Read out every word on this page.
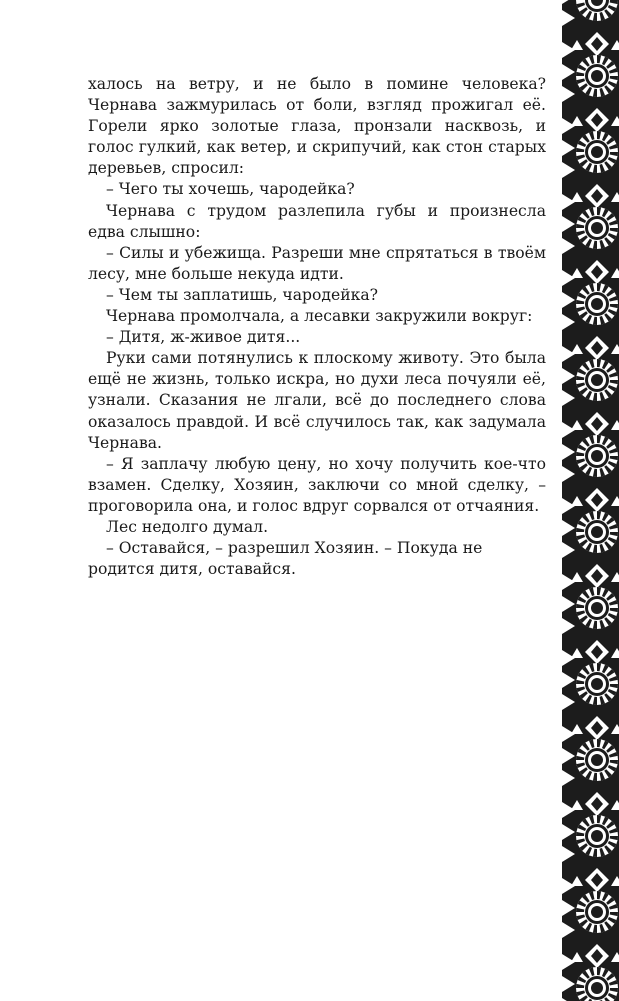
халось на ветру, и не было в помине человека? Чернава зажмурилась от боли, взгляд прожигал её. Горели ярко золотые глаза, пронзали насквозь, и голос гулкий, как ветер, и скрипучий, как стон старых деревьев, спросил:

– Чего ты хочешь, чародейка?

Чернава с трудом разлепила губы и произнесла едва слышно:

– Силы и убежища. Разреши мне спрятаться в твоём лесу, мне больше некуда идти.

– Чем ты заплатишь, чародейка?

Чернава промолчала, а лесавки закружили вокруг:

– Дитя, ж-живое дитя...

Руки сами потянулись к плоскому животу. Это была ещё не жизнь, только искра, но духи леса почуяли её, узнали. Сказания не лгали, всё до последнего слова оказалось правдой. И всё случилось так, как задумала Чернава.

– Я заплачу любую цену, но хочу получить кое-что взамен. Сделку, Хозяин, заключи со мной сделку, – проговорила она, и голос вдруг сорвался от отчаяния.

Лес недолго думал.

– Оставайся, – разрешил Хозяин. – Покуда не родится дитя, оставайся.
